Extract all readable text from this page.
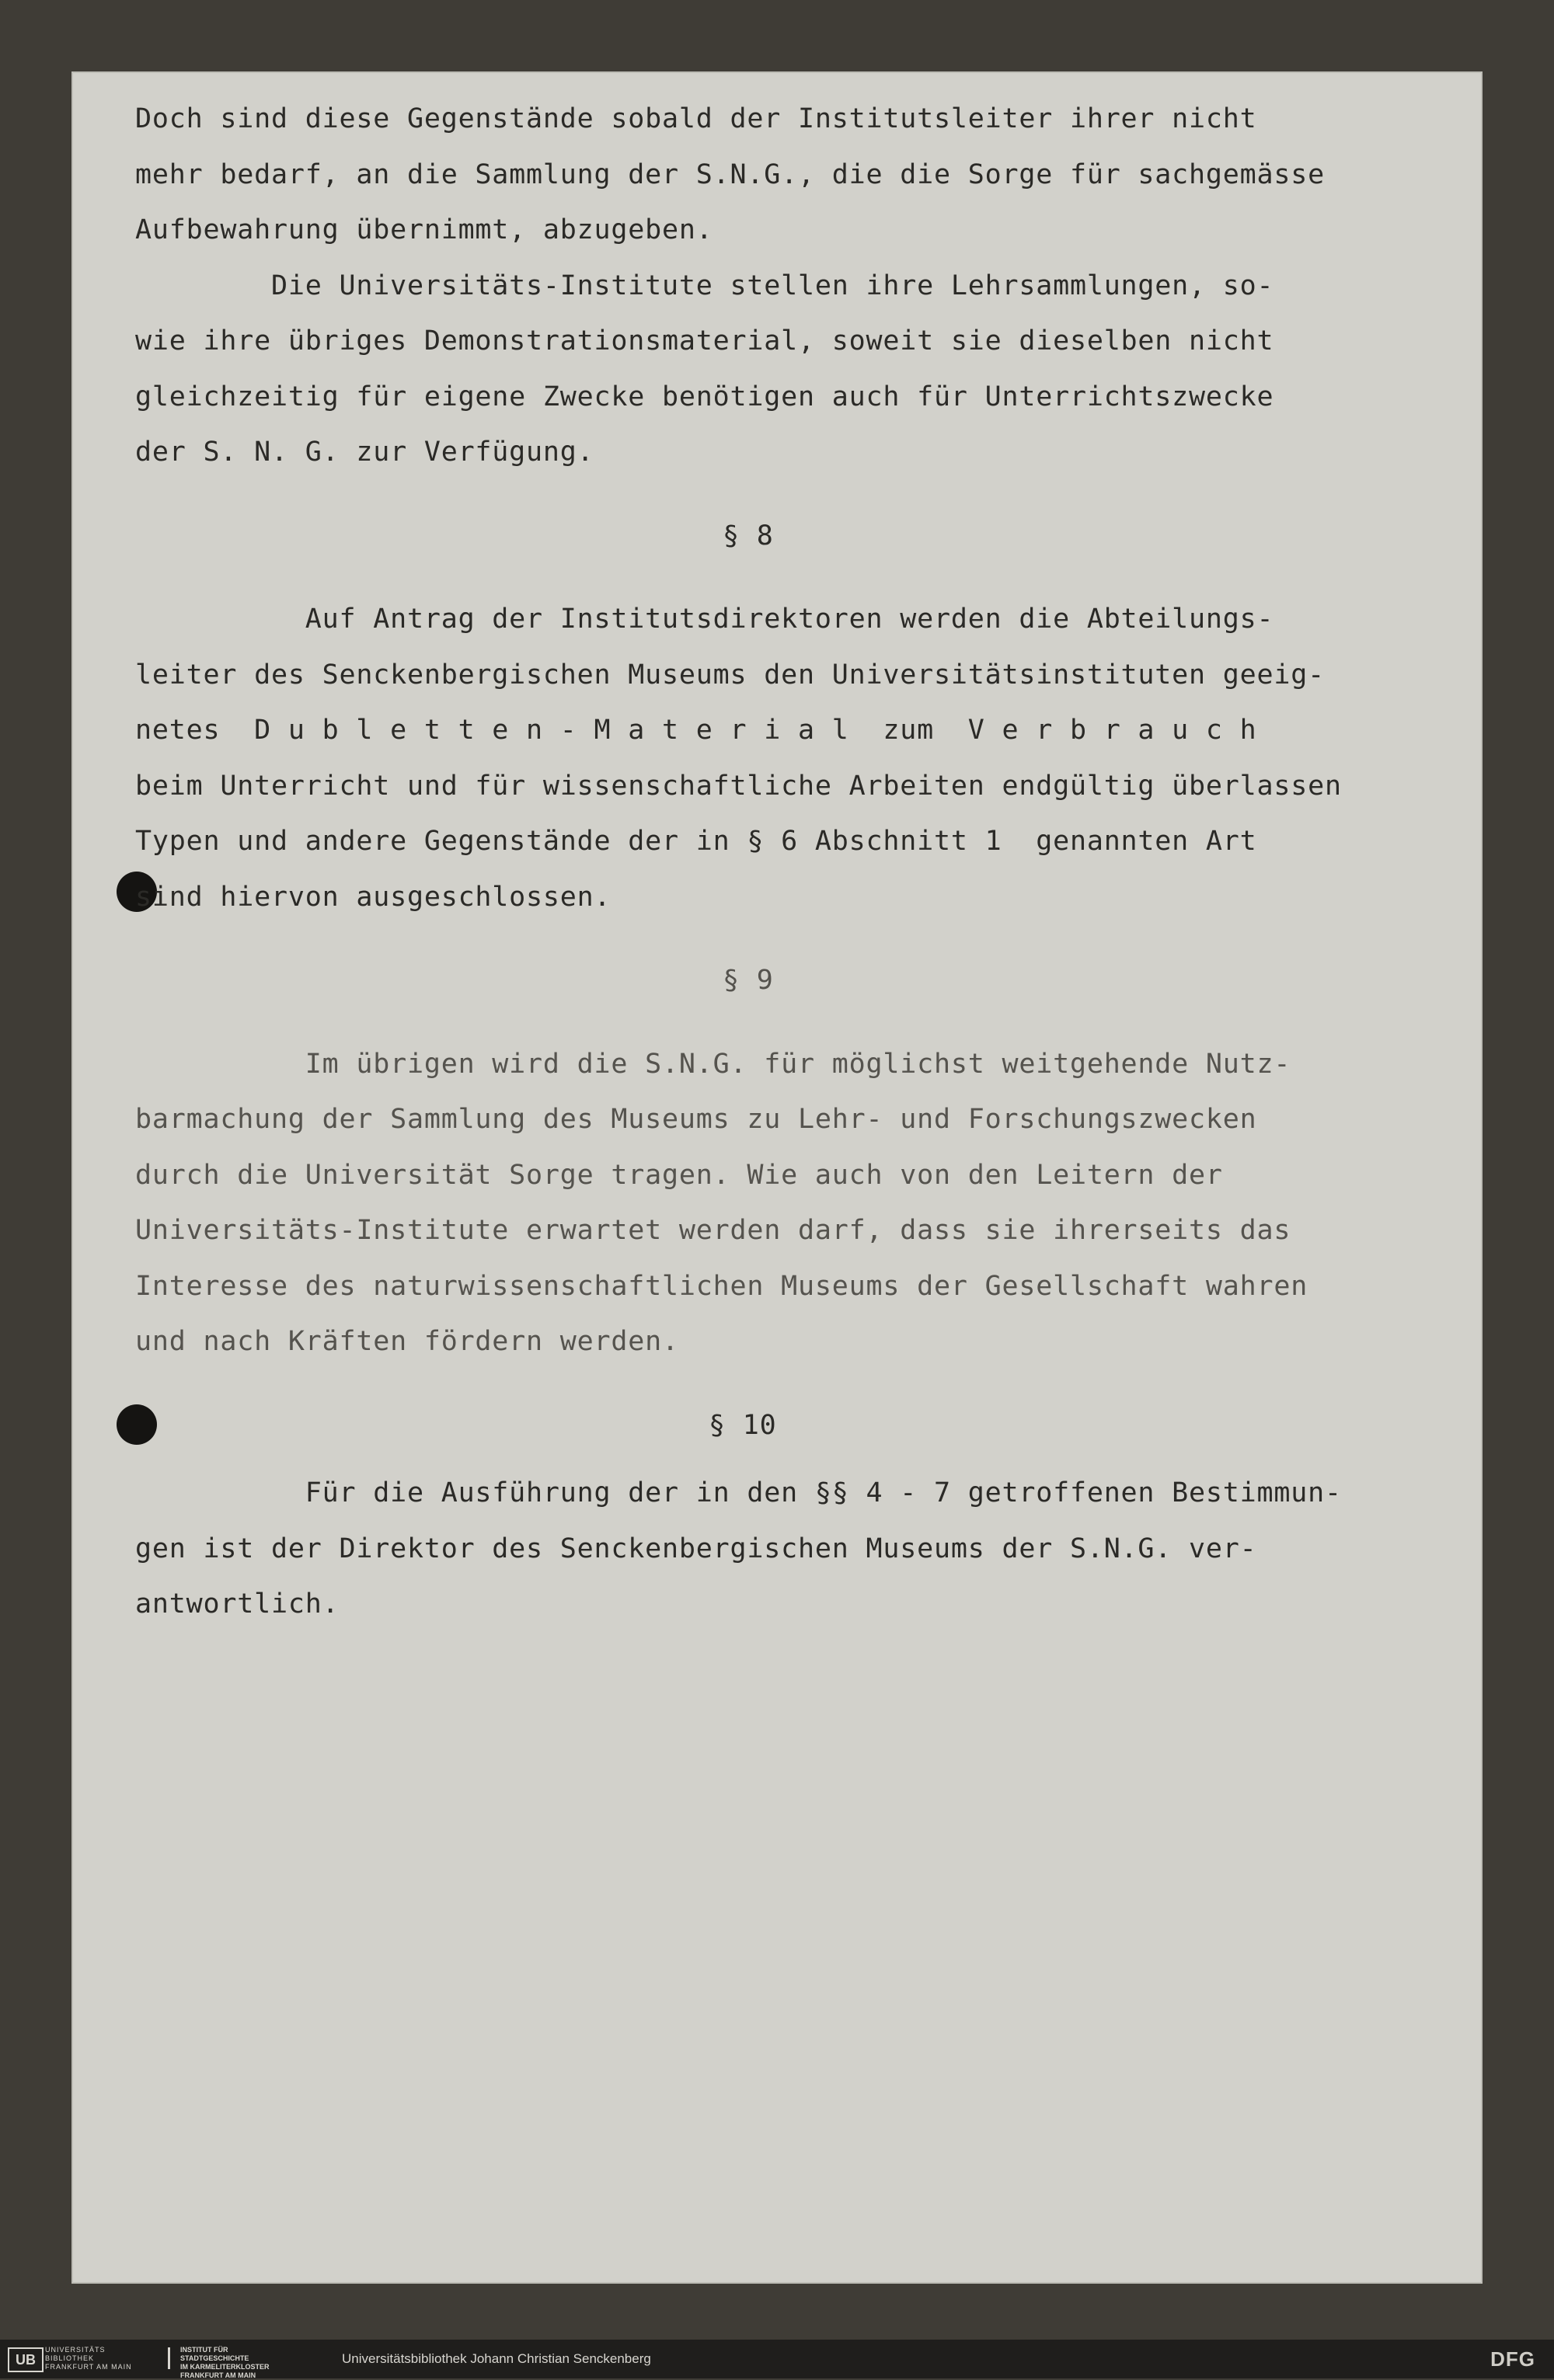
Doch sind diese Gegenstände sobald der Institutsleiter ihrer nicht
mehr bedarf, an die Sammlung der S.N.G., die die Sorge für sachgemässe
Aufbewahrung übernimmt, abzugeben.
Die Universitäts-Institute stellen ihre Lehrsammlungen, so-
wie ihre übriges Demonstrationsmaterial, soweit sie dieselben nicht
gleichzeitig für eigene Zwecke benötigen auch für Unterrichtszwecke
der S. N. G. zur Verfügung.
§ 8
Auf Antrag der Institutsdirektoren werden die Abteilungs-
leiter des Senckenbergischen Museums den Universitätsinstituten geeig-
netes  D u b l e t t e n - M a t e r i a l  zum  V e r b r a u c h
beim Unterricht und für wissenschaftliche Arbeiten endgültig überlassen
Typen und andere Gegenstände der in § 6 Abschnitt 1  genannten Art
sind hiervon ausgeschlossen.
§ 9
Im übrigen wird die S.N.G. für möglichst weitgehende Nutz-
barmachung der Sammlung des Museums zu Lehr- und Forschungszwecken
durch die Universität Sorge tragen. Wie auch von den Leitern der
Universitäts-Institute erwartet werden darf, dass sie ihrerseits das
Interesse des naturwissenschaftlichen Museums der Gesellschaft wahren
und nach Kräften fördern werden.
§ 10
Für die Ausführung der in den §§ 4 - 7 getroffenen Bestimmun-
gen ist der Direktor des Senckenbergischen Museums der S.N.G. ver-
antwortlich.
UB
UNIVERSITÄTS
BIBLIOTHEK
FRANKFURT AM MAIN
INSTITUT FÜR
STADTGESCHICHTE
IM KARMELITERKLOSTER
FRANKFURT AM MAIN
Universitätsbibliothek Johann Christian Senckenberg	DFG
